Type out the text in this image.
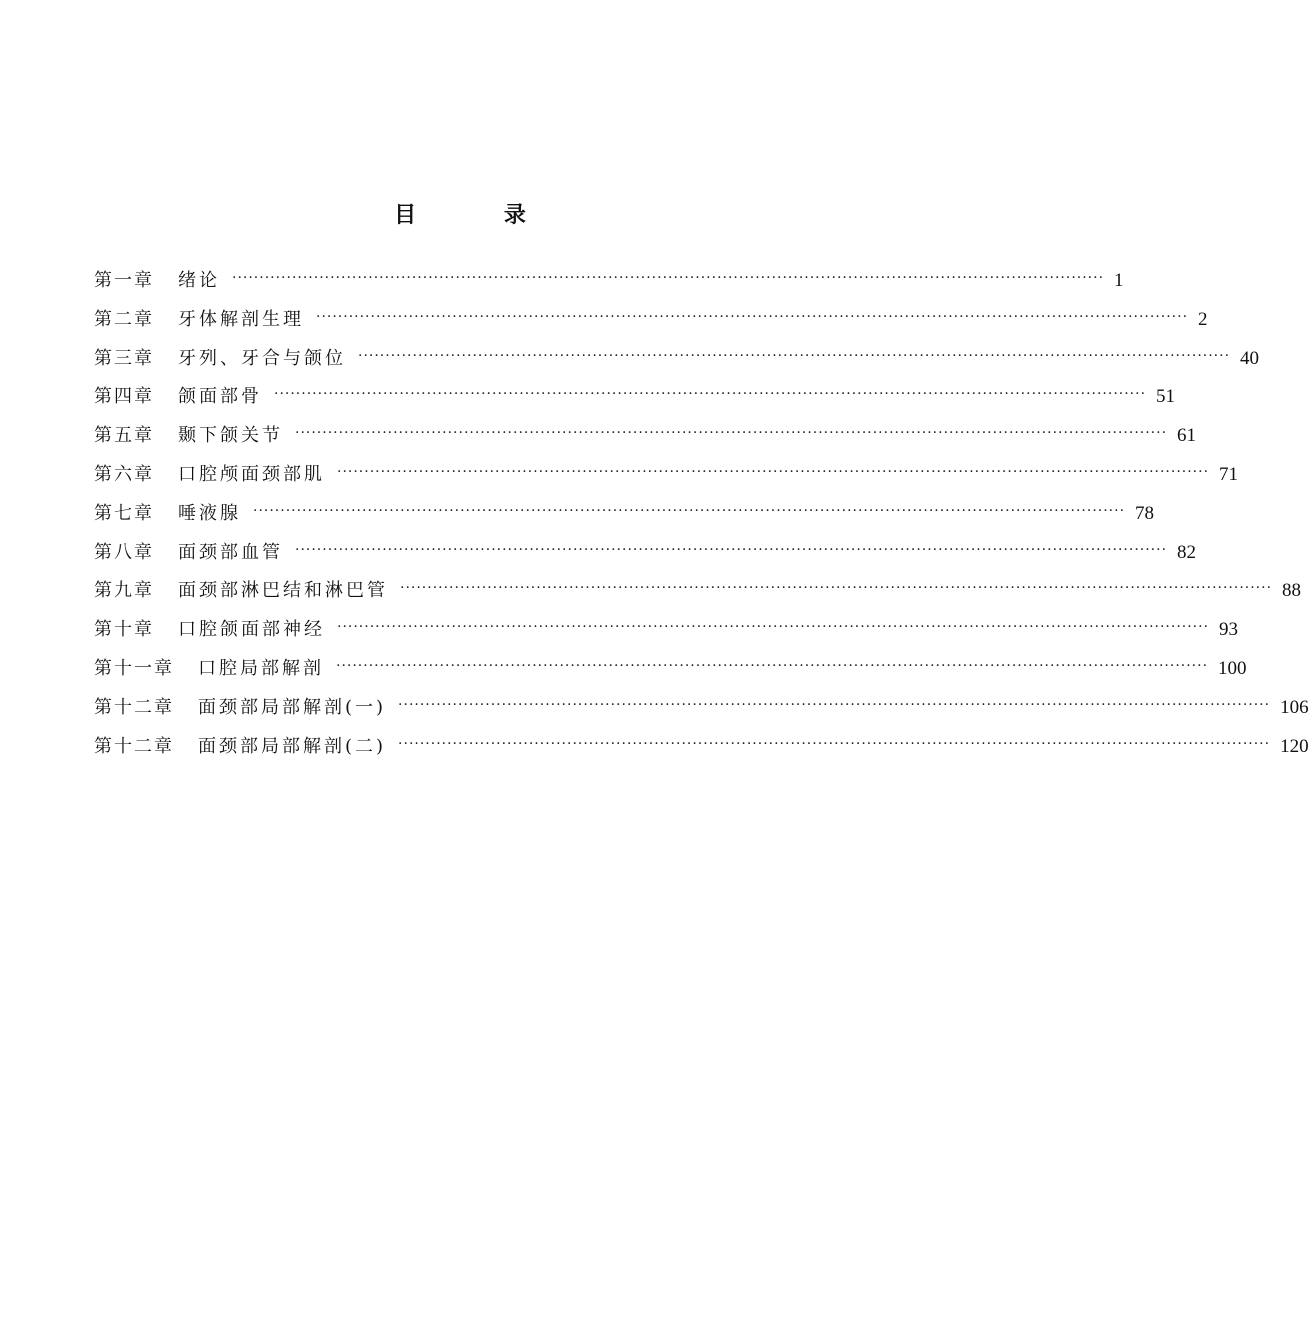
目 录
第一章 绪论 ································································································································································ 1
第二章 牙体解剖生理 ································································································································································ 2
第三章 牙列、牙合与颌位 ································································································································································ 40
第四章 颌面部骨 ································································································································································ 51
第五章 颞下颌关节 ································································································································································ 61
第六章 口腔颅面颈部肌 ································································································································································ 71
第七章 唾液腺 ································································································································································ 78
第八章 面颈部血管 ································································································································································ 82
第九章 面颈部淋巴结和淋巴管 ································································································································································ 88
第十章 口腔颌面部神经 ································································································································································ 93
第十一章 口腔局部解剖 ································································································································································ 100
第十二章 面颈部局部解剖(一) ································································································································································ 106
第十二章 面颈部局部解剖(二) ································································································································································ 120
